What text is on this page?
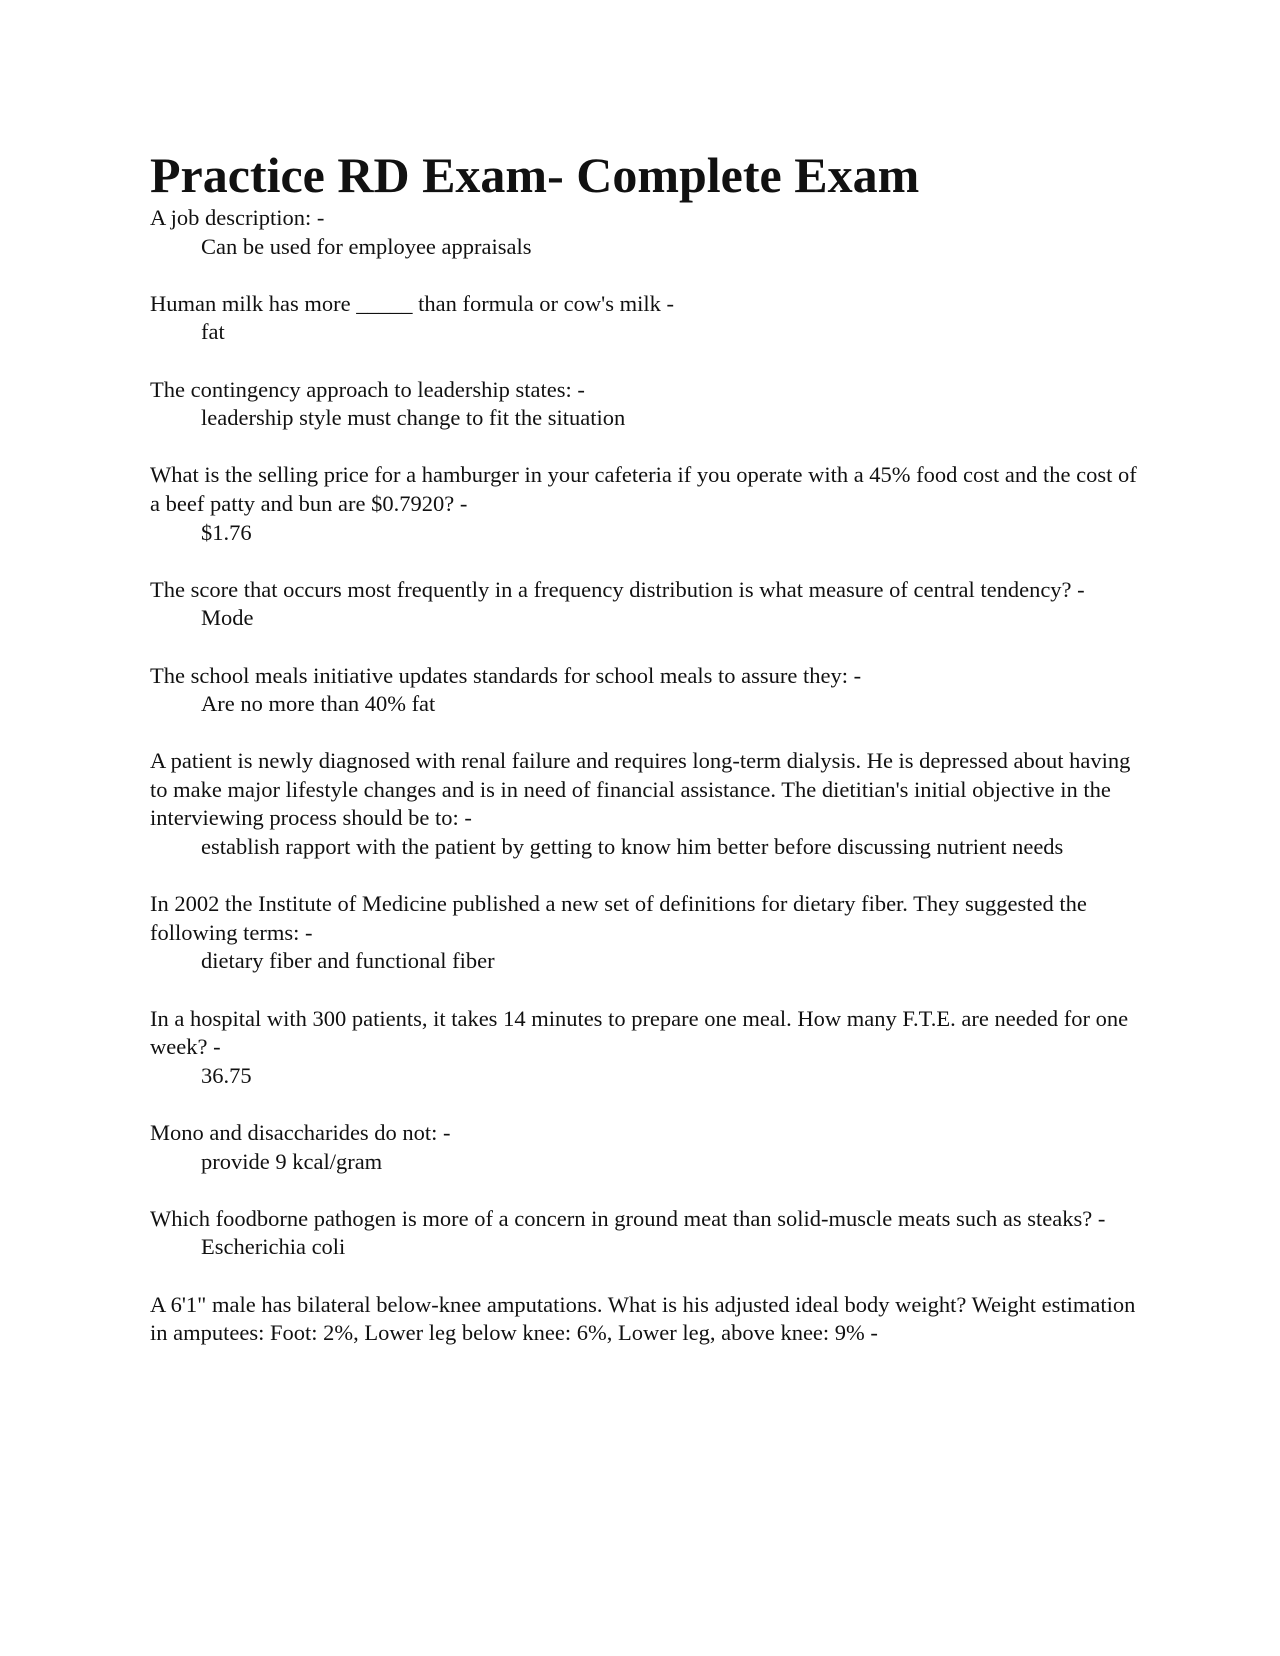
Practice RD Exam- Complete Exam
A job description: -
Can be used for employee appraisals
Human milk has more _____ than formula or cow's milk -
fat
The contingency approach to leadership states: -
leadership style must change to fit the situation
What is the selling price for a hamburger in your cafeteria if you operate with a 45% food cost and the cost of a beef patty and bun are $0.7920? -
$1.76
The score that occurs most frequently in a frequency distribution is what measure of central tendency? -
Mode
The school meals initiative updates standards for school meals to assure they: -
Are no more than 40% fat
A patient is newly diagnosed with renal failure and requires long-term dialysis. He is depressed about having to make major lifestyle changes and is in need of financial assistance. The dietitian's initial objective in the interviewing process should be to: -
establish rapport with the patient by getting to know him better before discussing nutrient needs
In 2002 the Institute of Medicine published a new set of definitions for dietary fiber. They suggested the following terms: -
dietary fiber and functional fiber
In a hospital with 300 patients, it takes 14 minutes to prepare one meal. How many F.T.E. are needed for one week? -
36.75
Mono and disaccharides do not: -
provide 9 kcal/gram
Which foodborne pathogen is more of a concern in ground meat than solid-muscle meats such as steaks? -
Escherichia coli
A 6'1" male has bilateral below-knee amputations. What is his adjusted ideal body weight? Weight estimation in amputees: Foot: 2%, Lower leg below knee: 6%, Lower leg, above knee: 9% -
